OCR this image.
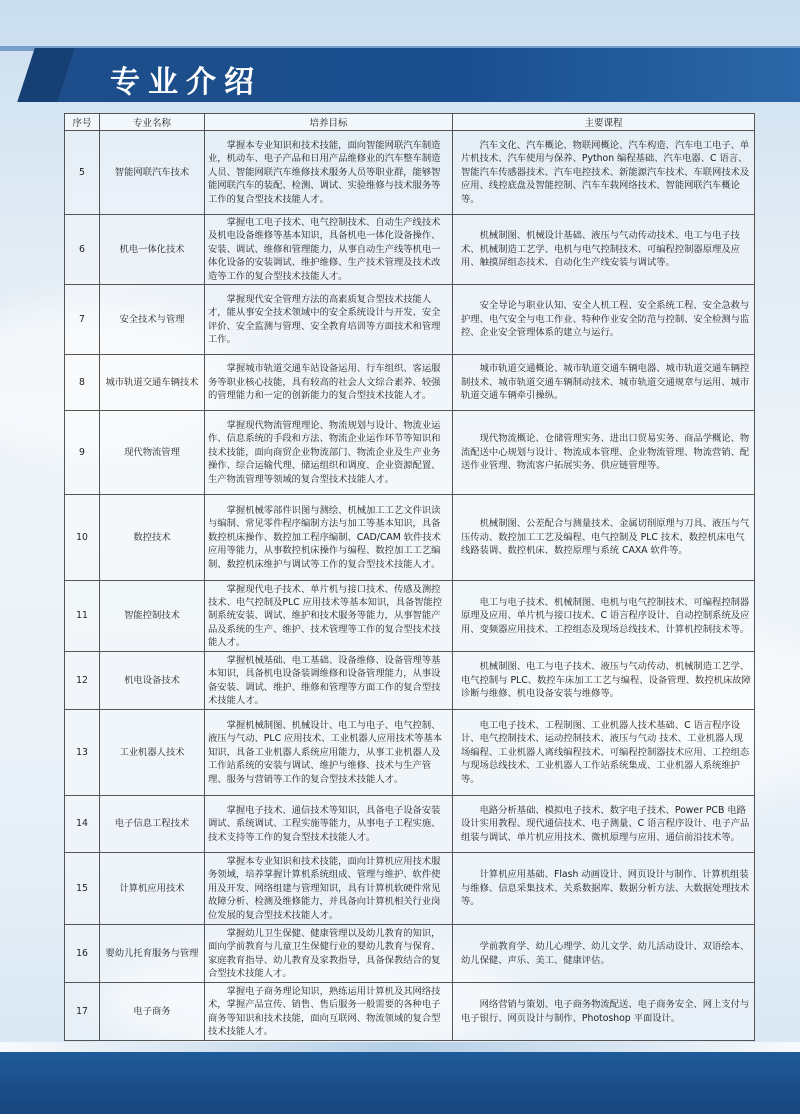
专业介绍
序号	专业名称	培养目标	主要课程
5	智能网联汽车技术	掌握本专业知识和技术技能，面向智能网联汽车制造业，机动车、电子产品和日用产品维修业的汽车整车制造人员、智能网联汽车维修技术服务人员等职业群，能够智能网联汽车的装配、检测、调试、实验维修与技术服务等工作的复合型技术技能人才。	汽车文化、汽车概论、物联网概论、汽车构造、汽车电工电子、单片机技术、汽车使用与保养、Python 编程基础、汽车电器、C 语言、智能汽车传感器技术、汽车电控技术、新能源汽车技术、车联网技术及应用、线控底盘及智能控制、汽车车载网络技术、智能网联汽车概论等。
6	机电一体化技术	掌握电工电子技术、电气控制技术、自动生产线技术及机电设备维修等基本知识，具备机电一体化设备操作、安装、调试、维修和管理能力，从事自动生产线等机电一体化设备的安装调试、维护维修、生产技术管理及技术改造等工作的复合型技术技能人才。	机械制图、机械设计基础、液压与气动传动技术、电工与电子技术、机械制造工艺学、电机与电气控制技术、可编程控制器原理及应用、触摸屏组态技术、自动化生产线安装与调试等。
7	安全技术与管理	掌握现代安全管理方法的高素质复合型技术技能人才，能从事安全技术领域中的安全系统设计与开发、安全评价、安全监测与管理、安全教育培训等方面技术和管理工作。	安全导论与职业认知、安全人机工程、安全系统工程、安全急救与护理、电气安全与电工作业、特种作业安全防范与控制、安全检测与监控、企业安全管理体系的建立与运行。
8	城市轨道交通车辆技术	掌握城市轨道交通车站设备运用、行车组织、客运服务等职业核心技能，具有较高的社会人文综合素养、较强的管理能力和一定的创新能力的复合型技术技能人才。	城市轨道交通概论、城市轨道交通车辆电器、城市轨道交通车辆控制技术、城市轨道交通车辆制动技术、城市轨道交通规章与运用、城市轨道交通车辆牵引操纵。
9	现代物流管理	掌握现代物流管理理论、物流规划与设计、物流业运作、信息系统的手段和方法、物流企业运作环节等知识和技术技能，面向商贸企业物流部门、物流企业及生产业务操作、综合运输代理、储运组织和调度、企业资源配置、生产物流管理等领域的复合型技术技能人才。	现代物流概论、仓储管理实务、进出口贸易实务、商品学概论、物流配送中心规划与设计、物流成本管理、企业物流管理、物流营销、配送作业管理、物流客户拓展实务、供应链管理等。
10	数控技术	掌握机械零部件识图与测绘、机械加工工艺文件识读与编制、常见零件程序编制方法与加工等基本知识，具备数控机床操作、数控加工程序编制、CAD/CAM 软件技术应用等能力，从事数控机床操作与编程、数控加工工艺编制、数控机床维护与调试等工作的复合型技术技能人才。	机械制图、公差配合与测量技术、金属切削原理与刀具、液压与气压传动、数控加工工艺及编程、电气控制及 PLC 技术、数控机床电气线路装调、数控机床、数控原理与系统 CAXA 软件等。
11	智能控制技术	掌握现代电子技术、单片机与接口技术、传感及测控技术、电气控制及PLC 应用技术等基本知识，具备智能控制系统安装、调试、维护和技术服务等能力，从事智能产品及系统的生产、维护、技术管理等工作的复合型技术技能人才。	电工与电子技术、机械制图、电机与电气控制技术、可编程控制器原理及应用、单片机与接口技术、C 语言程序设计、自动控制系统及应用、变频器应用技术、工控组态及现场总线技术、计算机控制技术等。
12	机电设备技术	掌握机械基础、电工基础、设备维修、设备管理等基本知识，具备机电设备装调维修和设备管理能力，从事设备安装、调试、维护、维修和管理等方面工作的复合型技术技能人才。	机械制图、电工与电子技术、液压与气动传动、机械制造工艺学、电气控制与 PLC、数控车床加工工艺与编程、设备管理、数控机床故障诊断与维修、机电设备安装与维修等。
13	工业机器人技术	掌握机械制图、机械设计、电工与电子、电气控制、液压与气动、PLC 应用技术、工业机器人应用技术等基本知识，具备工业机器人系统应用能力，从事工业机器人及工作站系统的安装与调试、维护与维修、技术与生产管理、服务与营销等工作的复合型技术技能人才。	电工电子技术、工程制图、工业机器人技术基础、C 语言程序设计、电气控制技术、运动控制技术、液压与气动 技术、工业机器人现场编程、工业机器人离线编程技术、可编程控制器技术应用、工控组态与现场总线技术、工业机器人工作站系统集成、工业机器人系统维护等。
14	电子信息工程技术	掌握电子技术、通信技术等知识，具备电子设备安装调试、系统调试、工程实施等能力，从事电子工程实施、技术支持等工作的复合型技术技能人才。	电路分析基础、模拟电子技术、数字电子技术、Power PCB 电路设计实用教程、现代通信技术、电子测量、C 语言程序设计、电子产品组装与调试、单片机应用技术、微机原理与应用、通信前沿技术等。
15	计算机应用技术	掌握本专业知识和技术技能，面向计算机应用技术服务领域，培养掌握计算机系统组成、管理与维护、软件使用及开发、网络组建与管理知识，具有计算机软硬件常见故障分析、检测及维修能力，并具备向计算机相关行业岗位发展的复合型技术技能人才。	计算机应用基础、Flash 动画设计、网页设计与制作、计算机组装与维修、信息采集技术、关系数据库、数据分析方法、大数据处理技术等。
16	婴幼儿托育服务与管理	掌握幼儿卫生保健、健康管理以及幼儿教育的知识，面向学前教育与儿童卫生保健行业的婴幼儿教育与保育、家庭教育指导、幼儿教育及家教指导，具备保教结合的复合型技术技能人才。	学前教育学、幼儿心理学、幼儿文学、幼儿活动设计、双语绘本、幼儿保健、声乐、美工、健康评估。
17	电子商务	掌握电子商务理论知识，熟练运用计算机及其网络技术，掌握产品宣传、销售、售后服务一般需要的各种电子商务等知识和技术技能，面向互联网、物流领域的复合型技术技能人才。	网络营销与策划、电子商务物流配送、电子商务安全、网上支付与电子银行、网页设计与制作、Photoshop 平面设计。
